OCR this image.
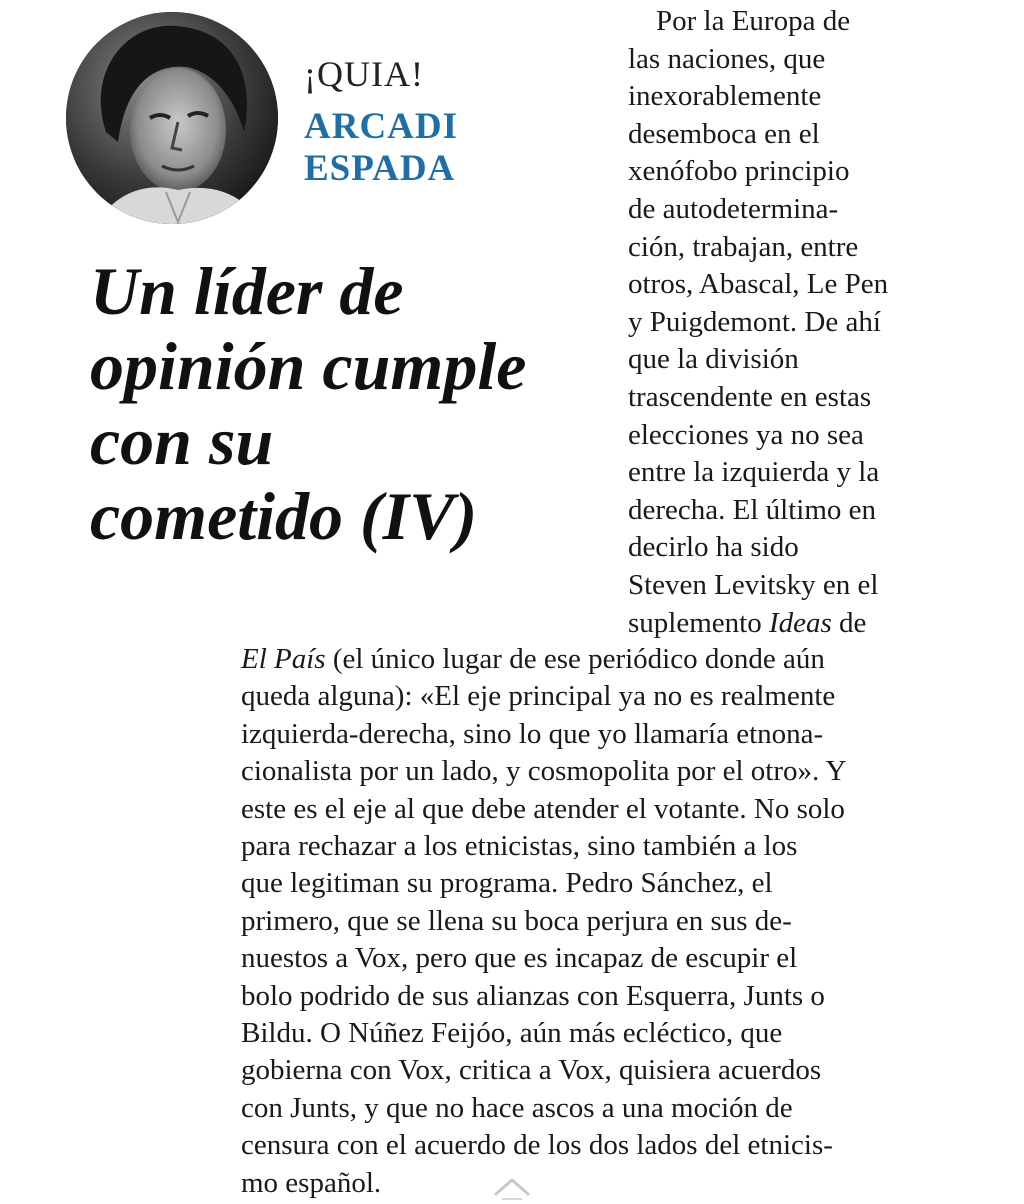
¡QUIA!
ARCADI
ESPADA
Un líder de
opinión cumple
con su
cometido (IV)
Por la Europa de
las naciones, que
inexorablemente
desemboca en el
xenófobo principio
de autodetermina-
ción, trabajan, entre
otros, Abascal, Le Pen
y Puigdemont. De ahí
que la división
trascendente en estas
elecciones ya no sea
entre la izquierda y la
derecha. El último en
decirlo ha sido
Steven Levitsky en el
suplemento Ideas de
El País (el único lugar de ese periódico donde aún
queda alguna): «El eje principal ya no es realmente
izquierda-derecha, sino lo que yo llamaría etnona-
cionalista por un lado, y cosmopolita por el otro». Y
este es el eje al que debe atender el votante. No solo
para rechazar a los etnicistas, sino también a los
que legitiman su programa. Pedro Sánchez, el
primero, que se llena su boca perjura en sus de-
nuestos a Vox, pero que es incapaz de escupir el
bolo podrido de sus alianzas con Esquerra, Junts o
Bildu. O Núñez Feijóo, aún más ecléctico, que
gobierna con Vox, critica a Vox, quisiera acuerdos
con Junts, y que no hace ascos a una moción de
censura con el acuerdo de los dos lados del etnicis-
mo español.
